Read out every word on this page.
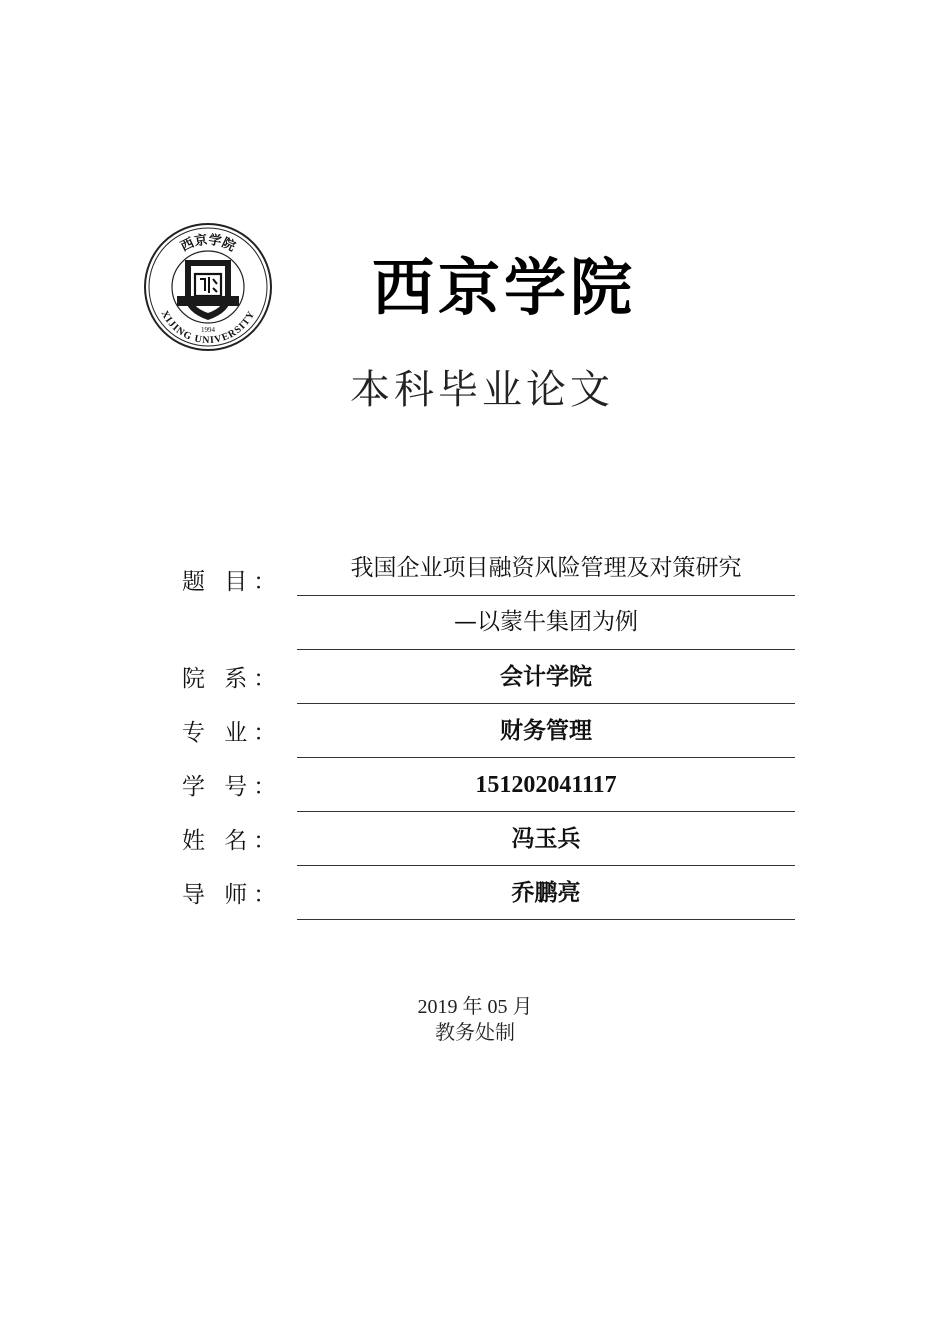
西京学院
XIJING UNIVERSITY
1994
西京学院
本科毕业论文
题 目：
我国企业项目融资风险管理及对策研究
—以蒙牛集团为例
院 系：	会计学院
专 业：	财务管理
学 号：	151202041117
姓 名：	冯玉兵
导 师：	乔鹏亮
2019 年 05 月
教务处制
